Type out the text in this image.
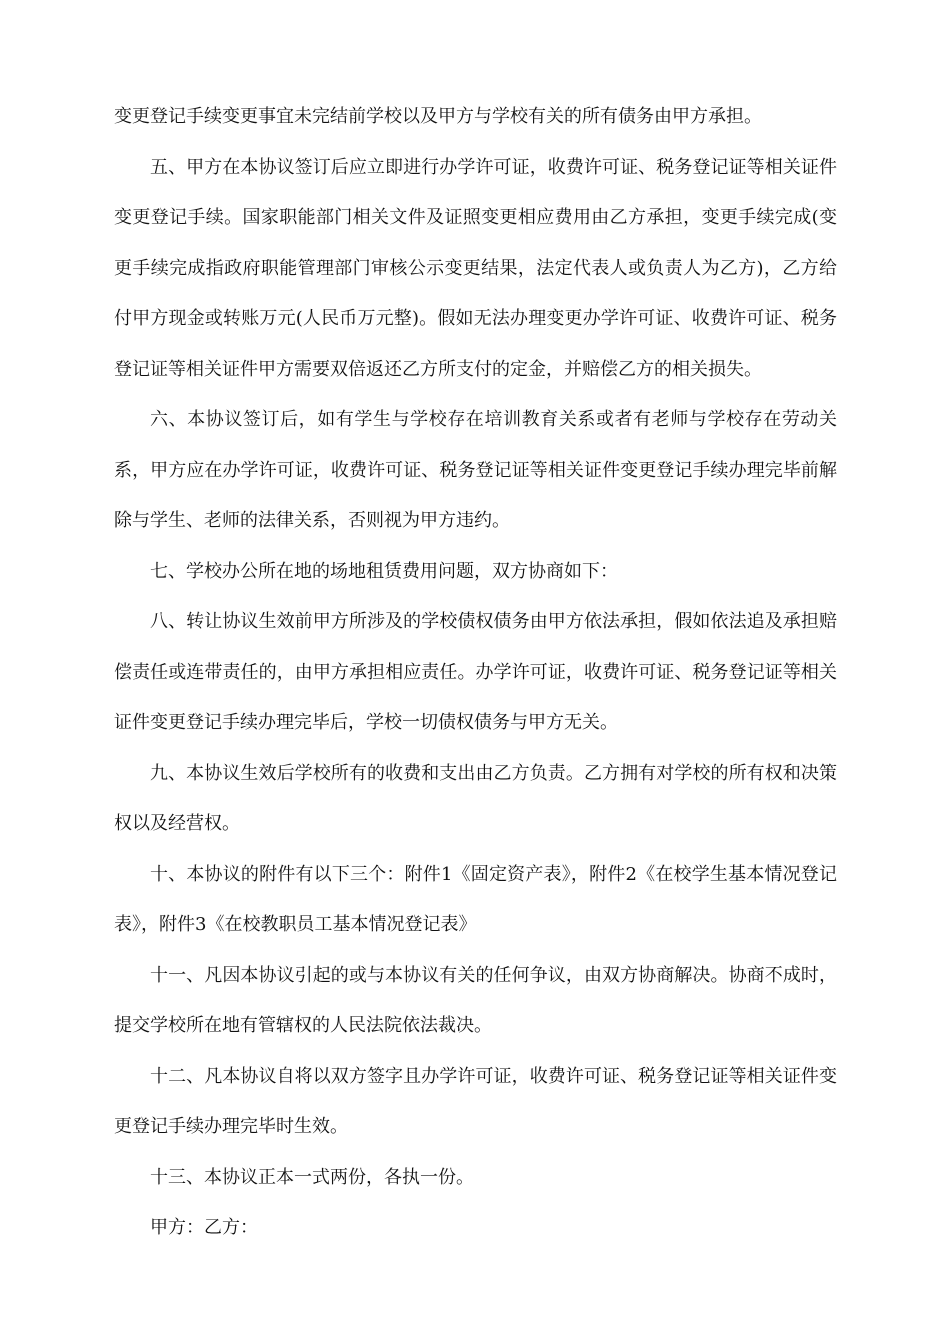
变更登记手续变更事宜未完结前学校以及甲方与学校有关的所有债务由甲方承担。

五、甲方在本协议签订后应立即进行办学许可证，收费许可证、税务登记证等相关证件变更登记手续。国家职能部门相关文件及证照变更相应费用由乙方承担，变更手续完成(变更手续完成指政府职能管理部门审核公示变更结果，法定代表人或负责人为乙方)，乙方给付甲方现金或转账万元(人民币万元整)。假如无法办理变更办学许可证、收费许可证、税务登记证等相关证件甲方需要双倍返还乙方所支付的定金，并赔偿乙方的相关损失。

六、本协议签订后，如有学生与学校存在培训教育关系或者有老师与学校存在劳动关系，甲方应在办学许可证，收费许可证、税务登记证等相关证件变更登记手续办理完毕前解除与学生、老师的法律关系，否则视为甲方违约。

七、学校办公所在地的场地租赁费用问题，双方协商如下：

八、转让协议生效前甲方所涉及的学校债权债务由甲方依法承担，假如依法追及承担赔偿责任或连带责任的，由甲方承担相应责任。办学许可证，收费许可证、税务登记证等相关证件变更登记手续办理完毕后，学校一切债权债务与甲方无关。

九、本协议生效后学校所有的收费和支出由乙方负责。乙方拥有对学校的所有权和决策权以及经营权。

十、本协议的附件有以下三个：附件1《固定资产表》，附件2《在校学生基本情况登记表》，附件3《在校教职员工基本情况登记表》

十一、凡因本协议引起的或与本协议有关的任何争议，由双方协商解决。协商不成时，提交学校所在地有管辖权的人民法院依法裁决。

十二、凡本协议自将以双方签字且办学许可证，收费许可证、税务登记证等相关证件变更登记手续办理完毕时生效。

十三、本协议正本一式两份，各执一份。

甲方：乙方：
